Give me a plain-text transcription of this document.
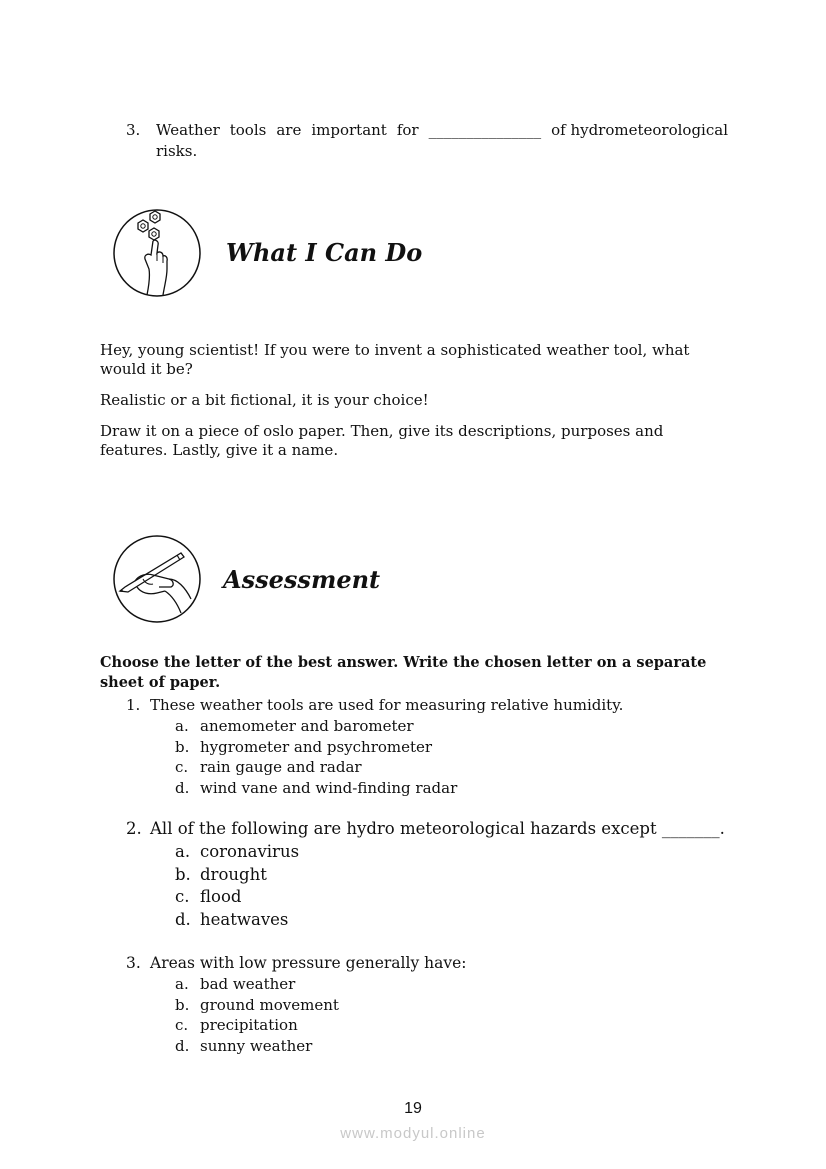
3. Weather tools are important for _______________ of hydrometeorological
risks.
What I Can Do
Hey, young scientist! If you were to invent a sophisticated weather tool, what would it be?
Realistic or a bit fictional, it is your choice!
Draw it on a piece of oslo paper. Then, give its descriptions, purposes and features. Lastly, give it a name.
Assessment
Choose the letter of the best answer. Write the chosen letter on a separate sheet of paper.
1. These weather tools are used for measuring relative humidity.
a. anemometer and barometer
b. hygrometer and psychrometer
c. rain gauge and radar
d. wind vane and wind-finding radar
2. All of the following are hydro meteorological hazards except _______.
a. coronavirus
b. drought
c. flood
d. heatwaves
3. Areas with low pressure generally have:
a. bad weather
b. ground movement
c. precipitation
d. sunny weather
19
www.modyul.online
